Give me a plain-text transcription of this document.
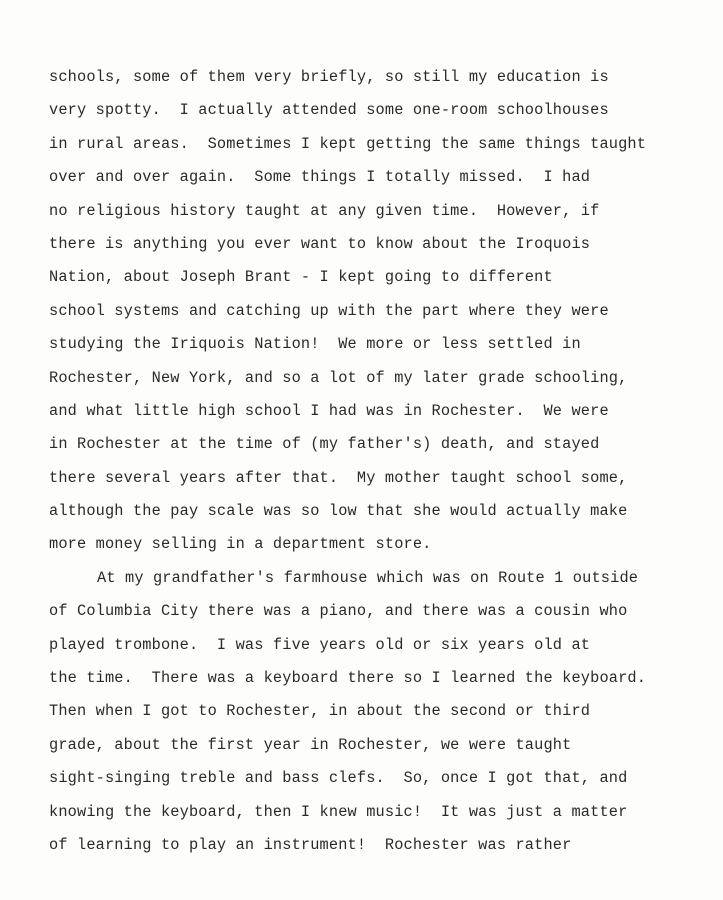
schools, some of them very briefly, so still my education is
very spotty.  I actually attended some one-room schoolhouses
in rural areas.  Sometimes I kept getting the same things taught
over and over again.  Some things I totally missed.  I had
no religious history taught at any given time.  However, if
there is anything you ever want to know about the Iroquois
Nation, about Joseph Brant - I kept going to different
school systems and catching up with the part where they were
studying the Iriquois Nation!  We more or less settled in
Rochester, New York, and so a lot of my later grade schooling,
and what little high school I had was in Rochester.  We were
in Rochester at the time of (my father's) death, and stayed
there several years after that.  My mother taught school some,
although the pay scale was so low that she would actually make
more money selling in a department store.
At my grandfather's farmhouse which was on Route 1 outside
of Columbia City there was a piano, and there was a cousin who
played trombone.  I was five years old or six years old at
the time.  There was a keyboard there so I learned the keyboard.
Then when I got to Rochester, in about the second or third
grade, about the first year in Rochester, we were taught
sight-singing treble and bass clefs.  So, once I got that, and
knowing the keyboard, then I knew music!  It was just a matter
of learning to play an instrument!  Rochester was rather
